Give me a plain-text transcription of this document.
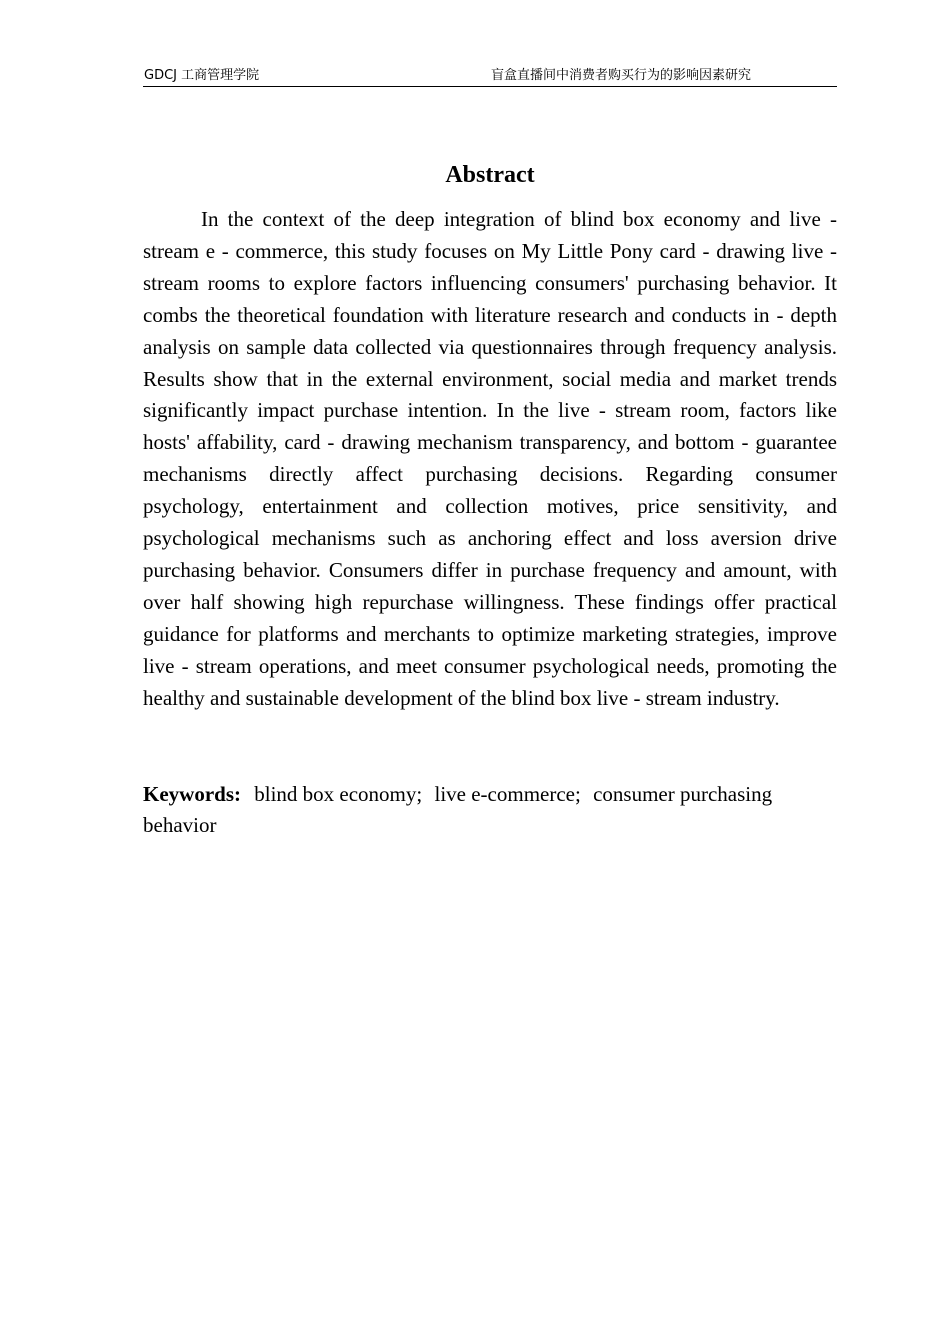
GDCJ 工商管理学院	盲盒直播间中消费者购买行为的影响因素研究
Abstract

In the context of the deep integration of blind box economy and live - stream e - commerce, this study focuses on My Little Pony card - drawing live - stream rooms to explore factors influencing consumers' purchasing behavior. It combs the theoretical foundation with literature research and conducts in - depth analysis on sample data collected via questionnaires through frequency analysis. Results show that in the external environment, social media and market trends significantly impact purchase intention. In the live - stream room, factors like hosts' affability, card - drawing mechanism transparency, and bottom - guarantee mechanisms directly affect purchasing decisions. Regarding consumer psychology, entertainment and collection motives, price sensitivity, and psychological mechanisms such as anchoring effect and loss aversion drive purchasing behavior. Consumers differ in purchase frequency and amount, with over half showing high repurchase willingness. These findings offer practical guidance for platforms and merchants to optimize marketing strategies, improve live - stream operations, and meet consumer psychological needs, promoting the healthy and sustainable development of the blind box live - stream industry.

Keywords: blind box economy; live e-commerce; consumer purchasing behavior
